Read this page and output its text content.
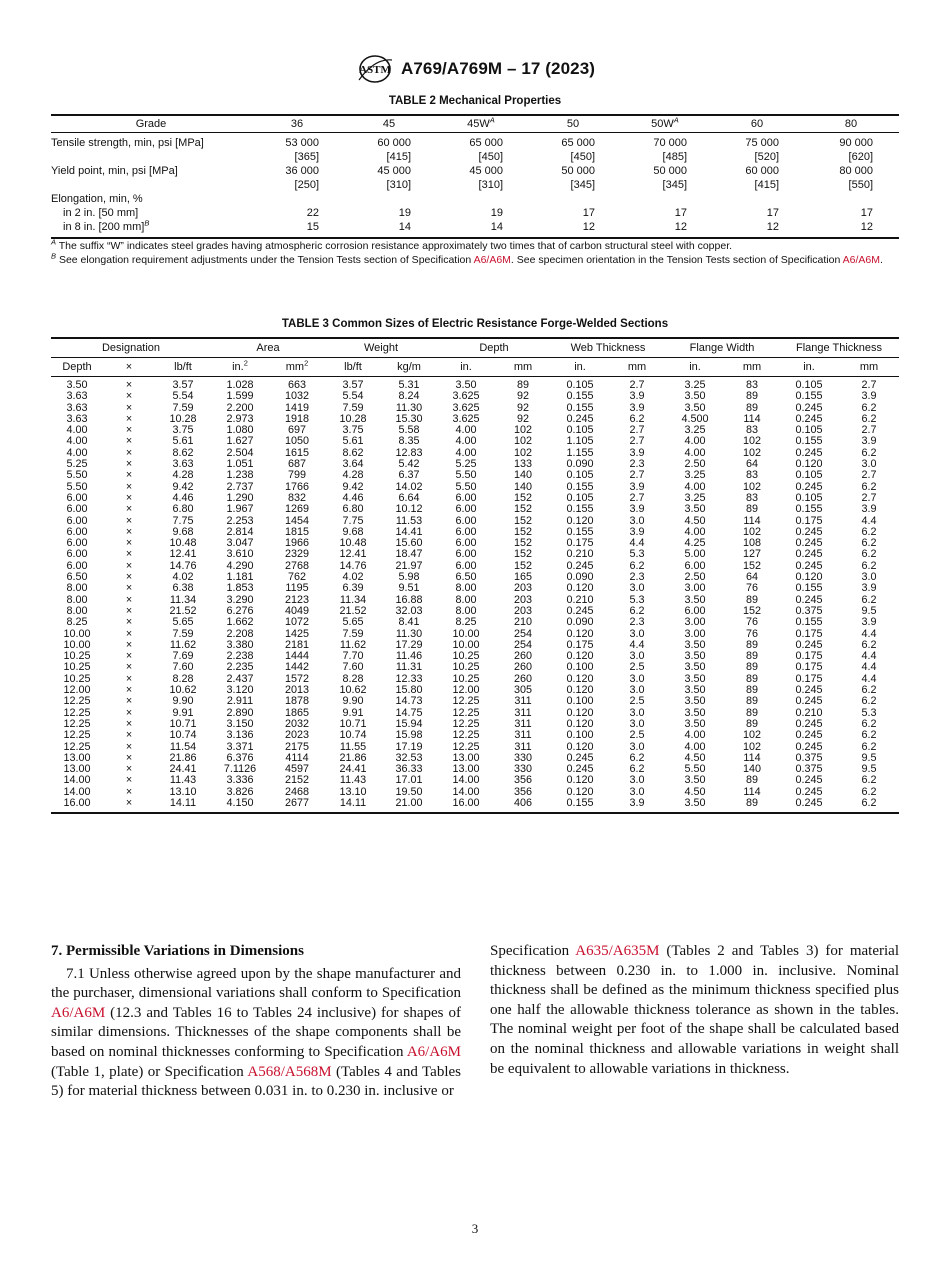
ASTM A769/A769M – 17 (2023)
TABLE 2 Mechanical Properties
Grade	36	45	$45W^A$	50	$50W^A$	60	80
Tensile strength, min, psi [MPa]	53 000	60 000	65 000	65 000	70 000	75 000	90 000
	[365]	[415]	[450]	[450]	[485]	[520]	[620]
Yield point, min, psi [MPa]	36 000	45 000	45 000	50 000	50 000	60 000	80 000
	[250]	[310]	[310]	[345]	[345]	[415]	[550]
Elongation, min, %							
in 2 in. [50 mm]	22	19	19	17	17	17	17
in 8 in. [200 mm]$^B$	15	14	14	12	12	12	12

$^A$ The suffix “W” indicates steel grades having atmospheric corrosion resistance approximately two times that of carbon structural steel with copper.

$^B$ See elongation requirement adjustments under the Tension Tests section of Specification A6/A6M. See specimen orientation in the Tension Tests section of Specification A6/A6M.

TABLE 3 Common Sizes of Electric Resistance Forge-Welded Sections
Designation			Area		Weight		Depth		Web Thickness		Flange Width		Flange Thickness	
Depth	×	lb/ft	in.$^2$	$mm^2$	lb/ft	kg/m	in.	mm	in.	mm	in.	mm	in.	mm
3.50	×	3.57	1.028	663	3.57	5.31	3.50	89	0.105	2.7	3.25	83	0.105	2.7
3.63	×	5.54	1.599	1032	5.54	8.24	3.625	92	0.155	3.9	3.50	89	0.155	3.9
3.63	×	7.59	2.200	1419	7.59	11.30	3.625	92	0.155	3.9	3.50	89	0.245	6.2
3.63	×	10.28	2.973	1918	10.28	15.30	3.625	92	0.245	6.2	4.500	114	0.245	6.2
4.00	×	3.75	1.080	697	3.75	5.58	4.00	102	0.105	2.7	3.25	83	0.105	2.7
4.00	×	5.61	1.627	1050	5.61	8.35	4.00	102	1.105	2.7	4.00	102	0.155	3.9
4.00	×	8.62	2.504	1615	8.62	12.83	4.00	102	1.155	3.9	4.00	102	0.245	6.2
5.25	×	3.63	1.051	687	3.64	5.42	5.25	133	0.090	2.3	2.50	64	0.120	3.0
5.50	×	4.28	1.238	799	4.28	6.37	5.50	140	0.105	2.7	3.25	83	0.105	2.7
5.50	×	9.42	2.737	1766	9.42	14.02	5.50	140	0.155	3.9	4.00	102	0.245	6.2
6.00	×	4.46	1.290	832	4.46	6.64	6.00	152	0.105	2.7	3.25	83	0.105	2.7
6.00	×	6.80	1.967	1269	6.80	10.12	6.00	152	0.155	3.9	3.50	89	0.155	3.9
6.00	×	7.75	2.253	1454	7.75	11.53	6.00	152	0.120	3.0	4.50	114	0.175	4.4
6.00	×	9.68	2.814	1815	9.68	14.41	6.00	152	0.155	3.9	4.00	102	0.245	6.2
6.00	×	10.48	3.047	1966	10.48	15.60	6.00	152	0.175	4.4	4.25	108	0.245	6.2
6.00	×	12.41	3.610	2329	12.41	18.47	6.00	152	0.210	5.3	5.00	127	0.245	6.2
6.00	×	14.76	4.290	2768	14.76	21.97	6.00	152	0.245	6.2	6.00	152	0.245	6.2
6.50	×	4.02	1.181	762	4.02	5.98	6.50	165	0.090	2.3	2.50	64	0.120	3.0
8.00	×	6.38	1.853	1195	6.39	9.51	8.00	203	0.120	3.0	3.00	76	0.155	3.9
8.00	×	11.34	3.290	2123	11.34	16.88	8.00	203	0.210	5.3	3.50	89	0.245	6.2
8.00	×	21.52	6.276	4049	21.52	32.03	8.00	203	0.245	6.2	6.00	152	0.375	9.5
8.25	×	5.65	1.662	1072	5.65	8.41	8.25	210	0.090	2.3	3.00	76	0.155	3.9
10.00	×	7.59	2.208	1425	7.59	11.30	10.00	254	0.120	3.0	3.00	76	0.175	4.4
10.00	×	11.62	3.380	2181	11.62	17.29	10.00	254	0.175	4.4	3.50	89	0.245	6.2
10.25	×	7.69	2.238	1444	7.70	11.46	10.25	260	0.120	3.0	3.50	89	0.175	4.4
10.25	×	7.60	2.235	1442	7.60	11.31	10.25	260	0.100	2.5	3.50	89	0.175	4.4
10.25	×	8.28	2.437	1572	8.28	12.33	10.25	260	0.120	3.0	3.50	89	0.175	4.4
12.00	×	10.62	3.120	2013	10.62	15.80	12.00	305	0.120	3.0	3.50	89	0.245	6.2
12.25	×	9.90	2.911	1878	9.90	14.73	12.25	311	0.100	2.5	3.50	89	0.245	6.2
12.25	×	9.91	2.890	1865	9.91	14.75	12.25	311	0.120	3.0	3.50	89	0.210	5.3
12.25	×	10.71	3.150	2032	10.71	15.94	12.25	311	0.120	3.0	3.50	89	0.245	6.2
12.25	×	10.74	3.136	2023	10.74	15.98	12.25	311	0.100	2.5	4.00	102	0.245	6.2
12.25	×	11.54	3.371	2175	11.55	17.19	12.25	311	0.120	3.0	4.00	102	0.245	6.2
13.00	×	21.86	6.376	4114	21.86	32.53	13.00	330	0.245	6.2	4.50	114	0.375	9.5
13.00	×	24.41	7.1126	4597	24.41	36.33	13.00	330	0.245	6.2	5.50	140	0.375	9.5
14.00	×	11.43	3.336	2152	11.43	17.01	14.00	356	0.120	3.0	3.50	89	0.245	6.2
14.00	×	13.10	3.826	2468	13.10	19.50	14.00	356	0.120	3.0	4.50	114	0.245	6.2
16.00	×	14.11	4.150	2677	14.11	21.00	16.00	406	0.155	3.9	3.50	89	0.245	6.2
7. Permissible Variations in Dimensions

7.1 Unless otherwise agreed upon by the shape manufacturer and the purchaser, dimensional variations shall conform to Specification A6/A6M (12.3 and Tables 16 to Tables 24 inclusive) for shapes of similar dimensions. Thicknesses of the shape components shall be based on nominal thicknesses conforming to Specification A6/A6M (Table 1, plate) or Specification A568/A568M (Tables 4 and Tables 5) for material thickness between 0.031 in. to 0.230 in. inclusive or

Specification A635/A635M (Tables 2 and Tables 3) for material thickness between 0.230 in. to 1.000 in. inclusive. Nominal thickness shall be defined as the minimum thickness specified plus one half the allowable thickness tolerance as shown in the tables. The nominal weight per foot of the shape shall be calculated based on the nominal thickness and allowable variations in weight shall be equivalent to allowable variations in thickness.

3
